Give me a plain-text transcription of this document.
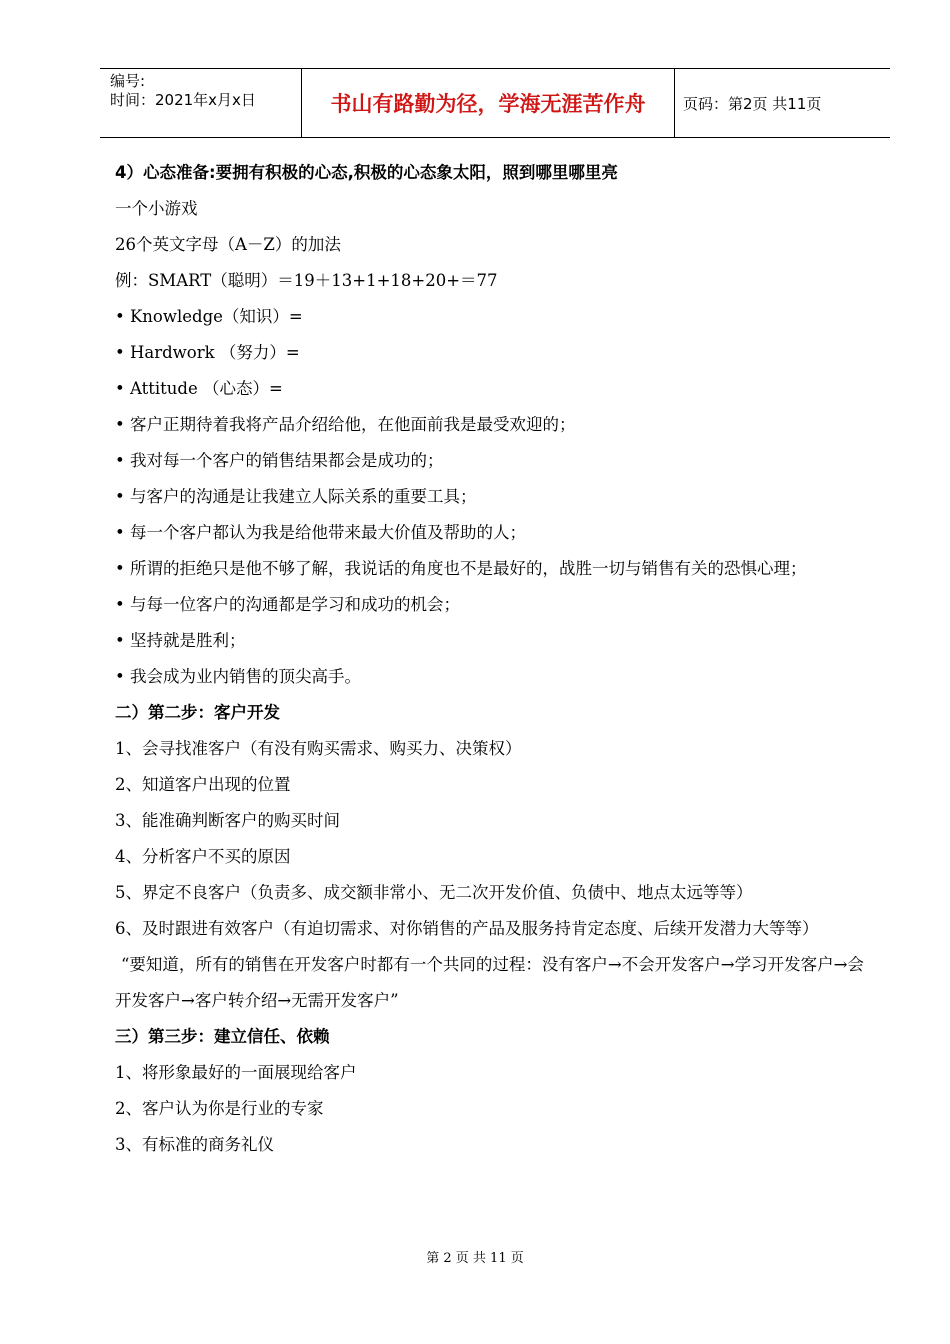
编号:
时间：2021年x月x日	书山有路勤为径，学海无涯苦作舟	页码：第2页 共11页
4）心态准备:要拥有积极的心态,积极的心态象太阳，照到哪里哪里亮
一个小游戏
26个英文字母（A－Z）的加法
例：SMART（聪明）＝19＋13+1+18+20+＝77
• Knowledge（知识）=
• Hardwork （努力）=
• Attitude （心态）=
• 客户正期待着我将产品介绍给他，在他面前我是最受欢迎的；
• 我对每一个客户的销售结果都会是成功的；
• 与客户的沟通是让我建立人际关系的重要工具；
• 每一个客户都认为我是给他带来最大价值及帮助的人；
• 所谓的拒绝只是他不够了解，我说话的角度也不是最好的，战胜一切与销售有关的恐惧心理；
• 与每一位客户的沟通都是学习和成功的机会；
• 坚持就是胜利；
• 我会成为业内销售的顶尖高手。
二）第二步：客户开发
1、会寻找准客户（有没有购买需求、购买力、决策权）
2、知道客户出现的位置
3、能准确判断客户的购买时间
4、分析客户不买的原因
5、界定不良客户（负责多、成交额非常小、无二次开发价值、负债中、地点太远等等）
6、及时跟进有效客户（有迫切需求、对你销售的产品及服务持肯定态度、后续开发潜力大等等）
“要知道，所有的销售在开发客户时都有一个共同的过程：没有客户→不会开发客户→学习开发客户→会开发客户→客户转介绍→无需开发客户”
三）第三步：建立信任、依赖
1、将形象最好的一面展现给客户
2、客户认为你是行业的专家
3、有标准的商务礼仪
第 2 页 共 11 页
